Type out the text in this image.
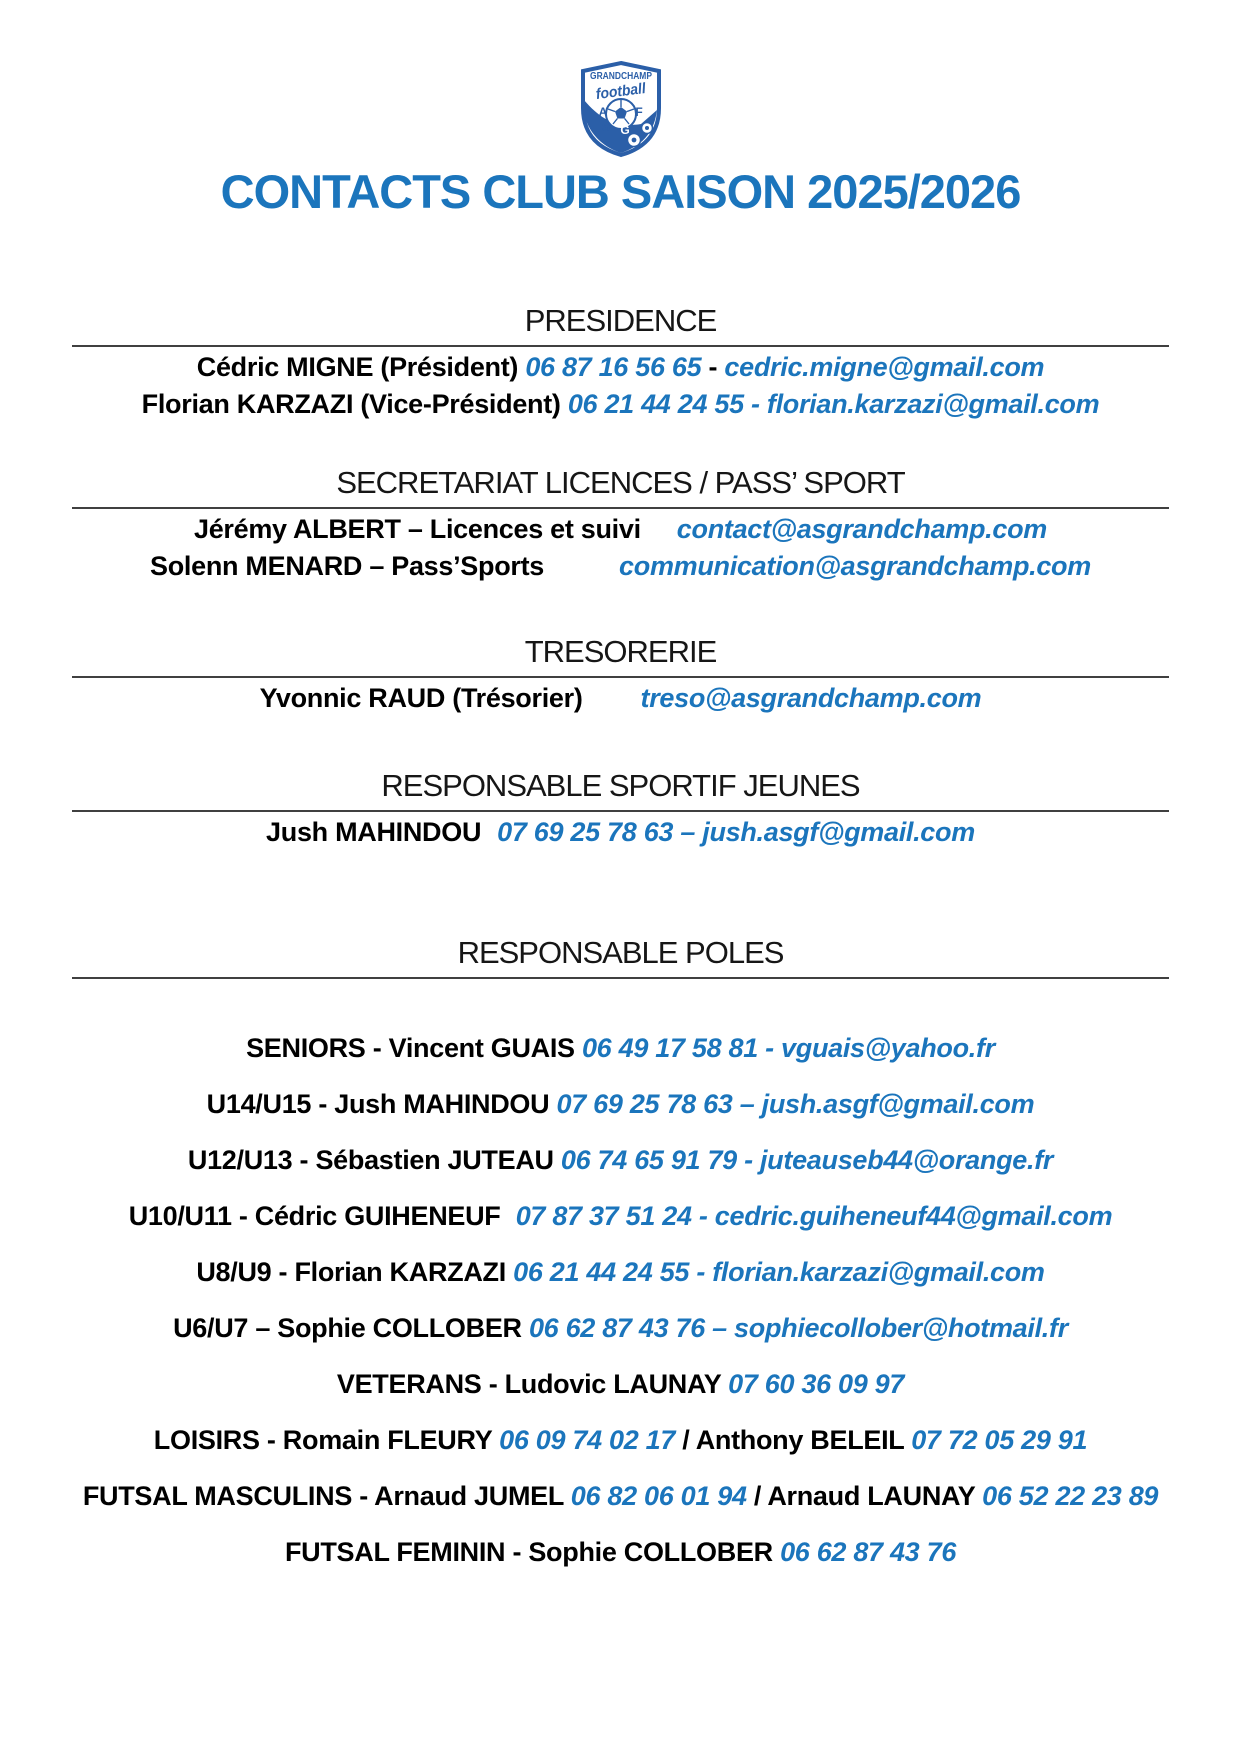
A F
S G
GRANDCHAMP
football
CONTACTS CLUB SAISON 2025/2026
PRESIDENCE

Cédric MIGNE (Président) 06 87 16 56 65 - cedric.migne@gmail.com

Florian KARZAZI (Vice-Président) 06 21 44 24 55 - florian.karzazi@gmail.com

SECRETARIAT LICENCES / PASS’ SPORT

Jérémy ALBERT – Licences et suivi contact@asgrandchamp.com

Solenn MENARD – Pass’Sports	communication@asgrandchamp.com

TRESORERIE

Yvonnic RAUD (Trésorier) treso@asgrandchamp.com

RESPONSABLE SPORTIF JEUNES

Jush MAHINDOU 07 69 25 78 63 – jush.asgf@gmail.com

RESPONSABLE POLES

SENIORS - Vincent GUAIS 06 49 17 58 81 - vguais@yahoo.fr

U14/U15 - Jush MAHINDOU 07 69 25 78 63 – jush.asgf@gmail.com

U12/U13 - Sébastien JUTEAU 06 74 65 91 79 - juteauseb44@orange.fr

U10/U11 - Cédric GUIHENEUF 07 87 37 51 24 - cedric.guiheneuf44@gmail.com

U8/U9 - Florian KARZAZI 06 21 44 24 55 - florian.karzazi@gmail.com

U6/U7 – Sophie COLLOBER 06 62 87 43 76 – sophiecollober@hotmail.fr

VETERANS - Ludovic LAUNAY 07 60 36 09 97

LOISIRS - Romain FLEURY 06 09 74 02 17 / Anthony BELEIL 07 72 05 29 91

FUTSAL MASCULINS - Arnaud JUMEL 06 82 06 01 94 / Arnaud LAUNAY 06 52 22 23 89

FUTSAL FEMININ - Sophie COLLOBER 06 62 87 43 76
